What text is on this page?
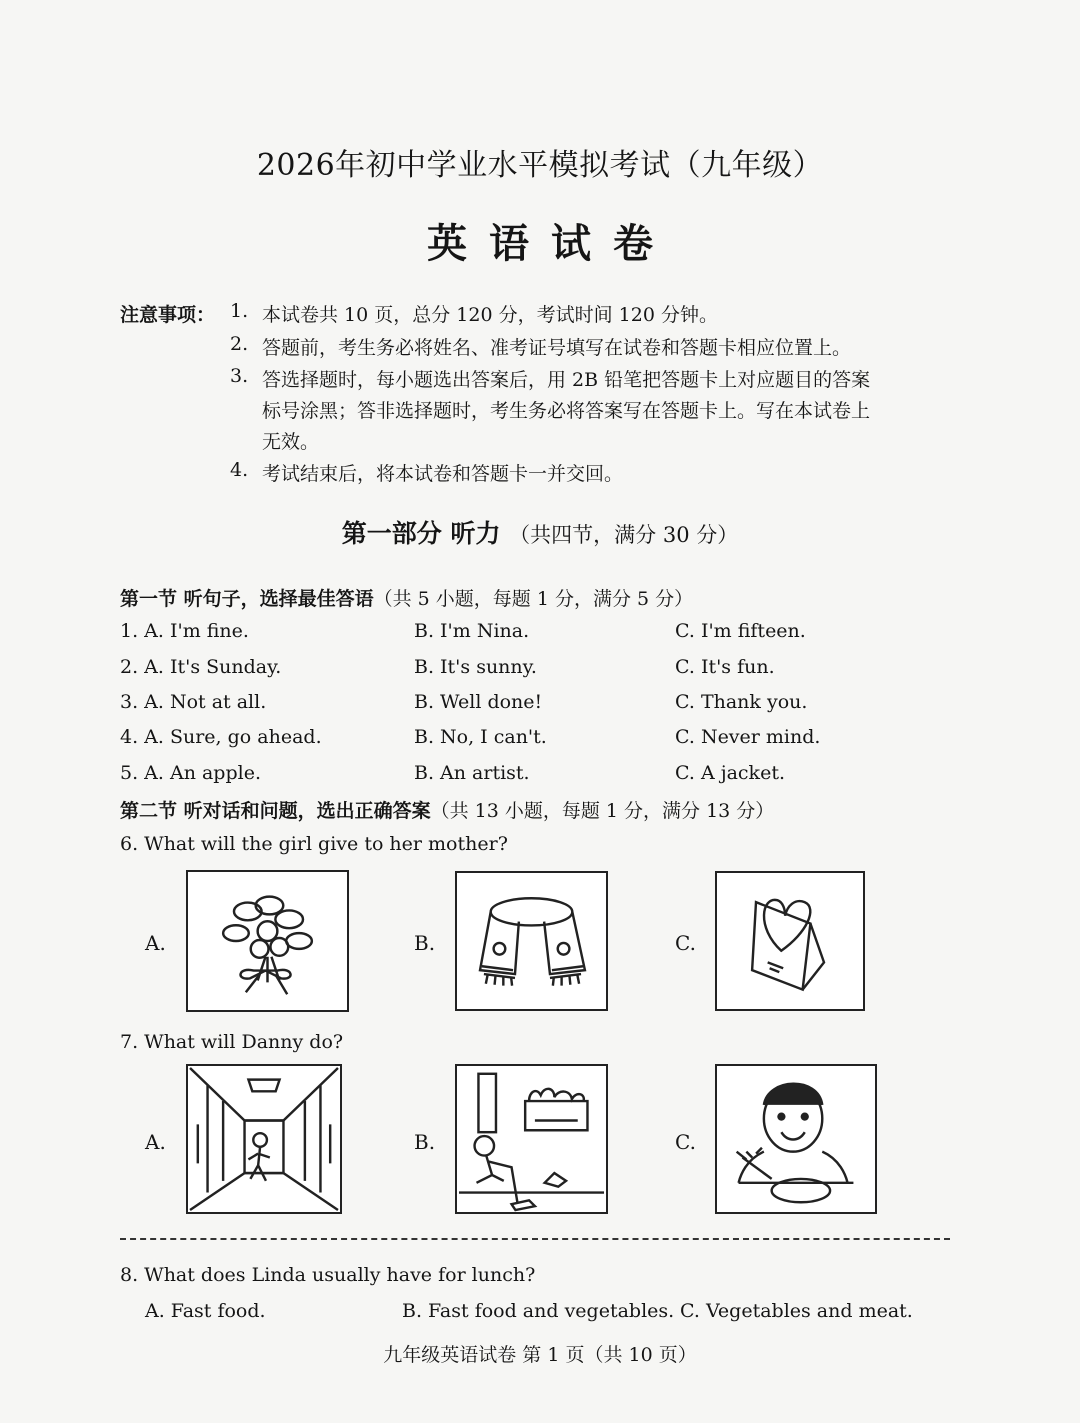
2026年初中学业水平模拟考试（九年级）
英语试卷
注意事项： 1. 本试卷共 10 页，总分 120 分，考试时间 120 分钟。
2. 答题前，考生务必将姓名、准考证号填写在试卷和答题卡相应位置上。
3. 答选择题时，每小题选出答案后，用 2B 铅笔把答题卡上对应题目的答案
标号涂黑；答非选择题时，考生务必将答案写在答题卡上。写在本试卷上
无效。
4. 考试结束后，将本试卷和答题卡一并交回。
第一部分 听力 （共四节，满分 30 分）
第一节 听句子，选择最佳答语（共 5 小题，每题 1 分，满分 5 分）
1. A. I'm fine.	B. I'm Nina.	C. I'm fifteen.
2. A. It's Sunday.	B. It's sunny.	C. It's fun.
3. A. Not at all.	B. Well done!	C. Thank you.
4. A. Sure, go ahead.	B. No, I can't.	C. Never mind.
5. A. An apple.	B. An artist.	C. A jacket.
第二节 听对话和问题，选出正确答案（共 13 小题，每题 1 分，满分 13 分）
6. What will the girl give to her mother?
A.	B.	C.
7. What will Danny do?
A.	B.	C.
8. What does Linda usually have for lunch?
A. Fast food.	B. Fast food and vegetables. C. Vegetables and meat.
九年级英语试卷 第 1 页（共 10 页）
